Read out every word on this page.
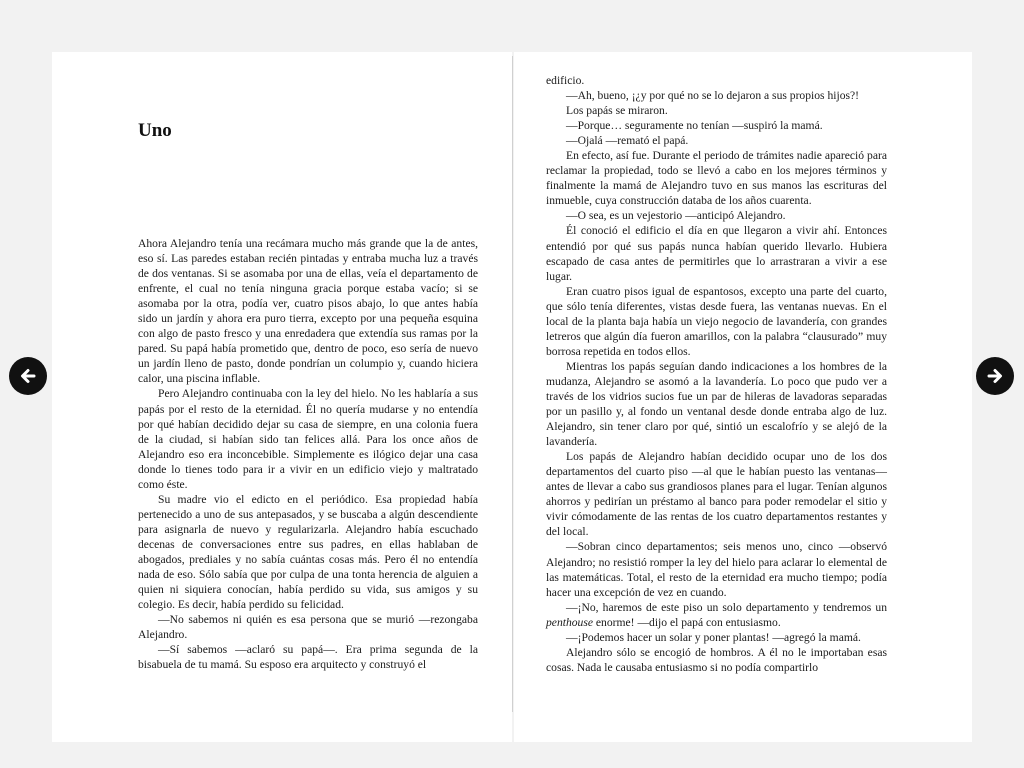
Uno

Ahora Alejandro tenía una recámara mucho más grande que la de antes, eso sí. Las paredes estaban recién pintadas y entraba mucha luz a través de dos ventanas. Si se asomaba por una de ellas, veía el departamento de enfrente, el cual no tenía ninguna gracia porque estaba vacío; si se asomaba por la otra, podía ver, cuatro pisos abajo, lo que antes había sido un jardín y ahora era puro tierra, excepto por una pequeña esquina con algo de pasto fresco y una enredadera que extendía sus ramas por la pared. Su papá había prometido que, dentro de poco, eso sería de nuevo un jardín lleno de pasto, donde pondrían un columpio y, cuando hiciera calor, una piscina inflable.

Pero Alejandro continuaba con la ley del hielo. No les hablaría a sus papás por el resto de la eternidad. Él no quería mudarse y no entendía por qué habían decidido dejar su casa de siempre, en una colonia fuera de la ciudad, si habían sido tan felices allá. Para los once años de Alejandro eso era inconcebible. Simplemente es ilógico dejar una casa donde lo tienes todo para ir a vivir en un edificio viejo y maltratado como éste.

Su madre vio el edicto en el periódico. Esa propiedad había pertenecido a uno de sus antepasados, y se buscaba a algún descendiente para asignarla de nuevo y regularizarla. Alejandro había escuchado decenas de conversaciones entre sus padres, en ellas hablaban de abogados, prediales y no sabía cuántas cosas más. Pero él no entendía nada de eso. Sólo sabía que por culpa de una tonta herencia de alguien a quien ni siquiera conocían, había perdido su vida, sus amigos y su colegio. Es decir, había perdido su felicidad.

—No sabemos ni quién es esa persona que se murió —rezongaba Alejandro.

—Sí sabemos —aclaró su papá—. Era prima segunda de la bisabuela de tu mamá. Su esposo era arquitecto y construyó el

edificio.

—Ah, bueno, ¡¿y por qué no se lo dejaron a sus propios hijos?!

Los papás se miraron.

—Porque… seguramente no tenían —suspiró la mamá.

—Ojalá —remató el papá.

En efecto, así fue. Durante el periodo de trámites nadie apareció para reclamar la propiedad, todo se llevó a cabo en los mejores términos y finalmente la mamá de Alejandro tuvo en sus manos las escrituras del inmueble, cuya construcción databa de los años cuarenta.

—O sea, es un vejestorio —anticipó Alejandro.

Él conoció el edificio el día en que llegaron a vivir ahí. Entonces entendió por qué sus papás nunca habían querido llevarlo. Hubiera escapado de casa antes de permitirles que lo arrastraran a vivir a ese lugar.

Eran cuatro pisos igual de espantosos, excepto una parte del cuarto, que sólo tenía diferentes, vistas desde fuera, las ventanas nuevas. En el local de la planta baja había un viejo negocio de lavandería, con grandes letreros que algún día fueron amarillos, con la palabra “clausurado” muy borrosa repetida en todos ellos.

Mientras los papás seguían dando indicaciones a los hombres de la mudanza, Alejandro se asomó a la lavandería. Lo poco que pudo ver a través de los vidrios sucios fue un par de hileras de lavadoras separadas por un pasillo y, al fondo un ventanal desde donde entraba algo de luz. Alejandro, sin tener claro por qué, sintió un escalofrío y se alejó de la lavandería.

Los papás de Alejandro habían decidido ocupar uno de los dos departamentos del cuarto piso —al que le habían puesto las ventanas— antes de llevar a cabo sus grandiosos planes para el lugar. Tenían algunos ahorros y pedirían un préstamo al banco para poder remodelar el sitio y vivir cómodamente de las rentas de los cuatro departamentos restantes y del local.

—Sobran cinco departamentos; seis menos uno, cinco —observó Alejandro; no resistió romper la ley del hielo para aclarar lo elemental de las matemáticas. Total, el resto de la eternidad era mucho tiempo; podía hacer una excepción de vez en cuando.

—¡No, haremos de este piso un solo departamento y tendremos un penthouse enorme! —dijo el papá con entusiasmo.

—¡Podemos hacer un solar y poner plantas! —agregó la mamá.

Alejandro sólo se encogió de hombros. A él no le importaban esas cosas. Nada le causaba entusiasmo si no podía compartirlo
